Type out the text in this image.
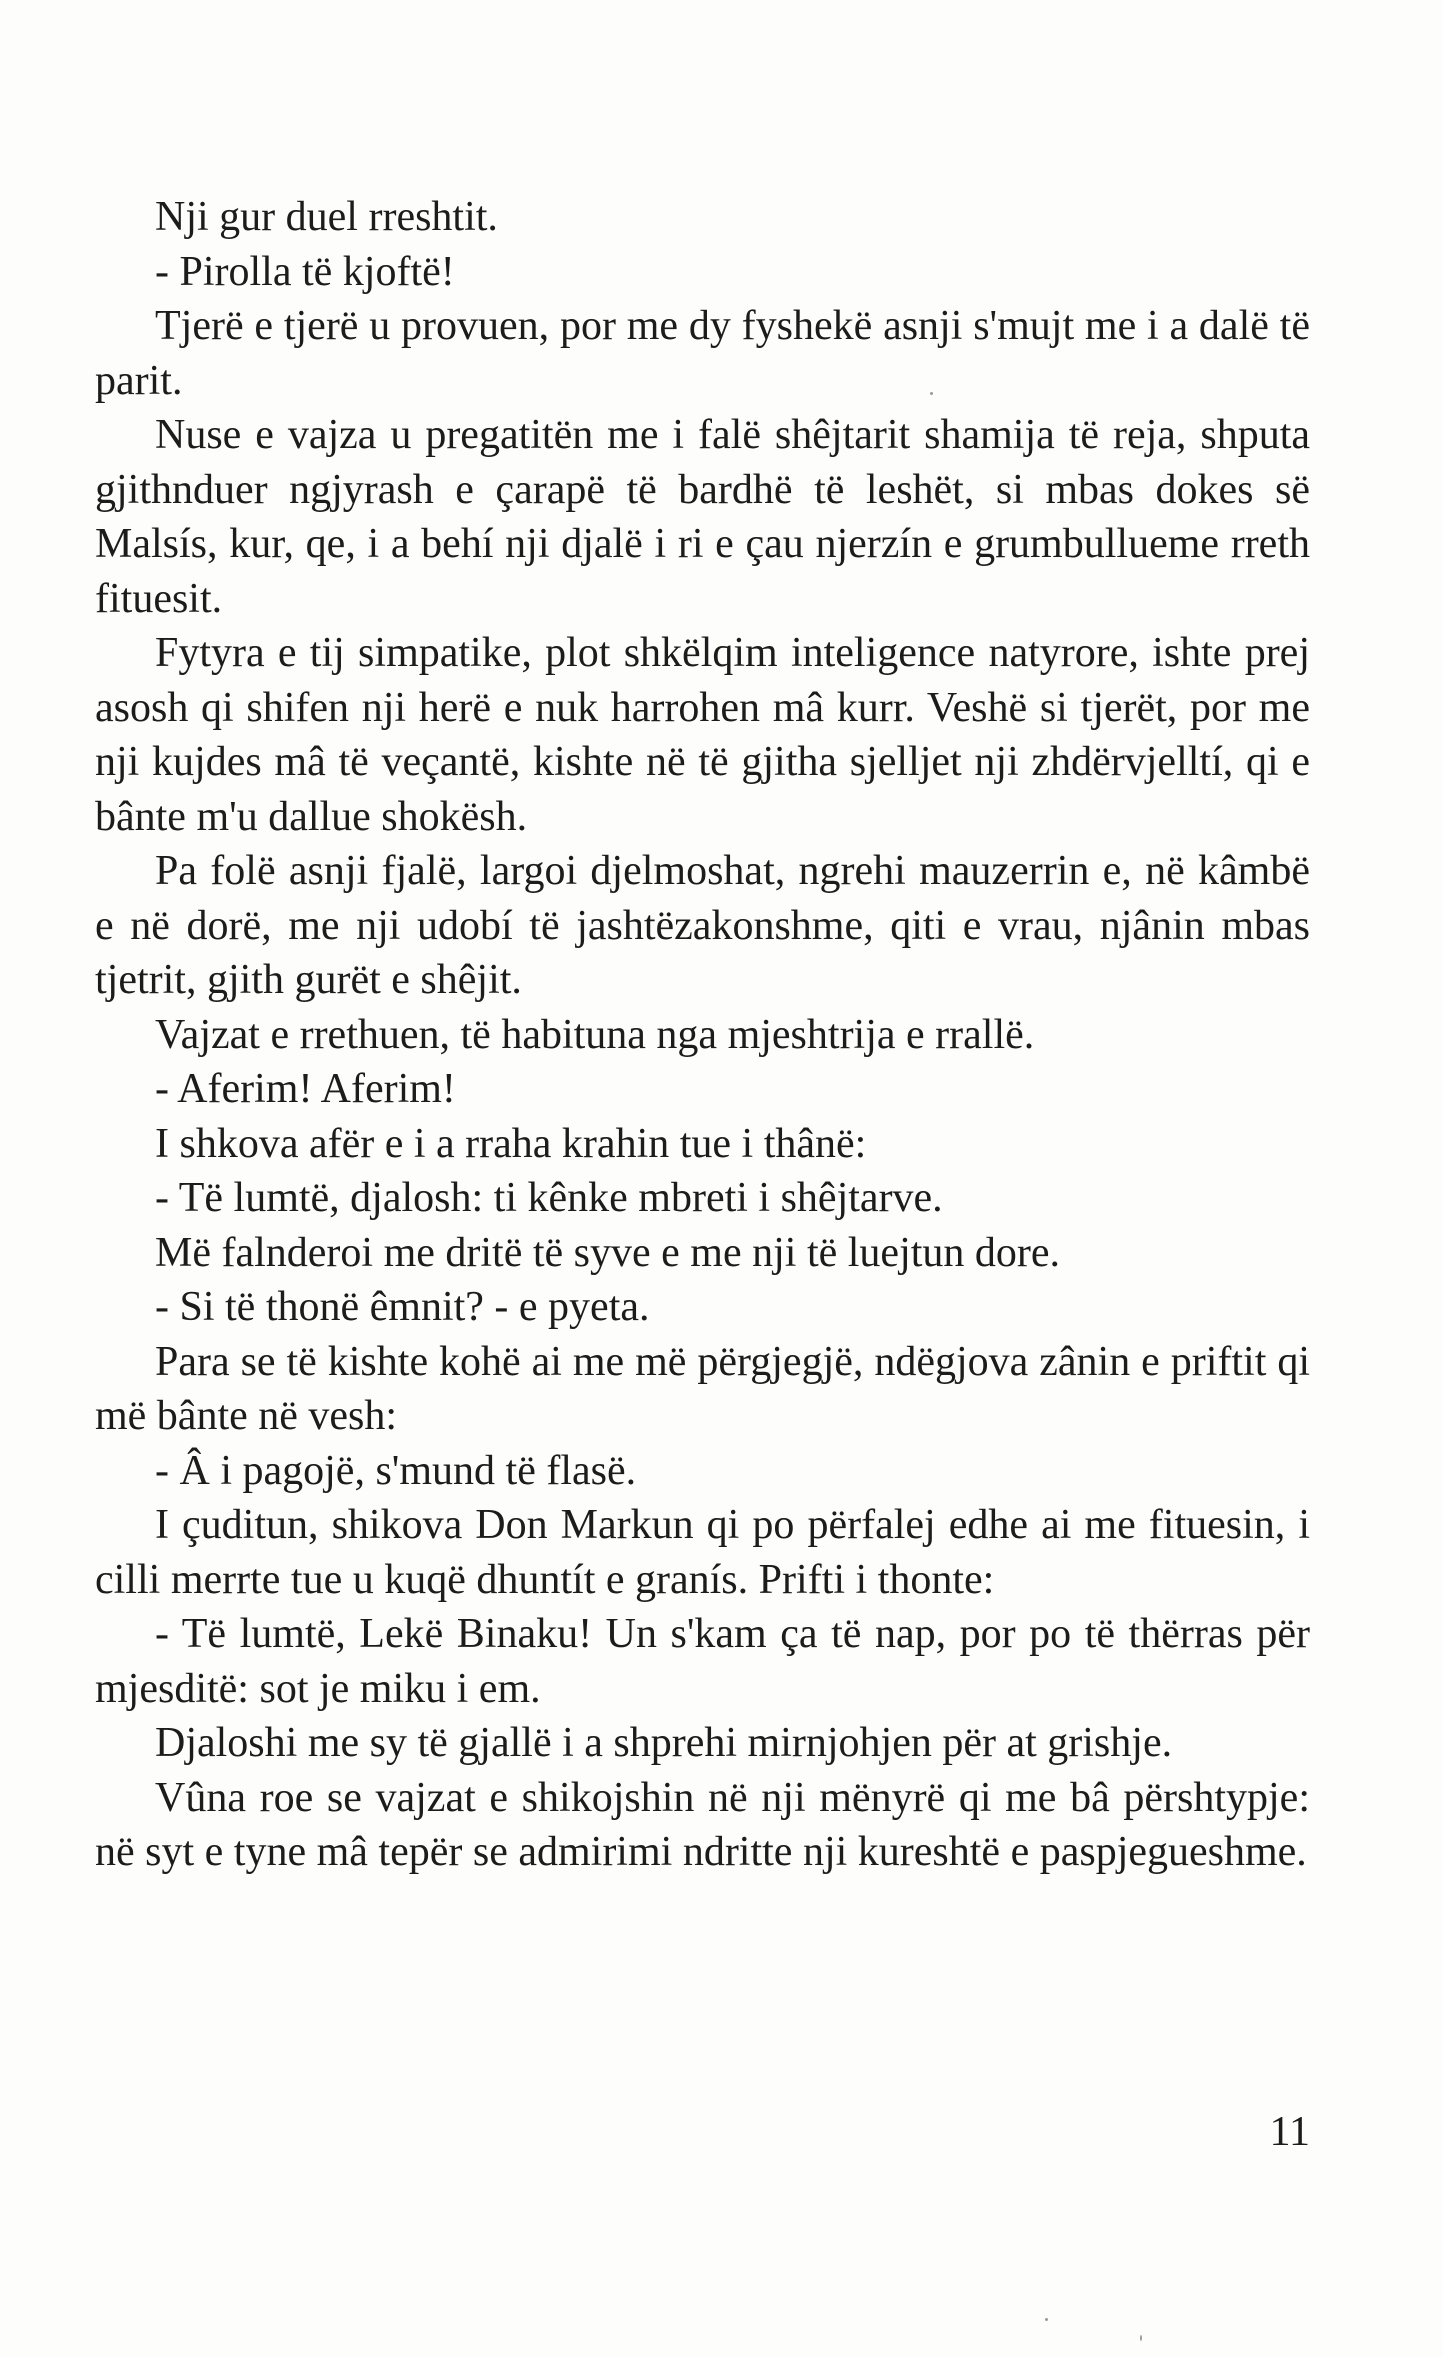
Nji gur duel rreshtit.

- Pirolla të kjoftë!

Tjerë e tjerë u provuen, por me dy fyshekë asnji s'mujt me i a dalë të parit.

Nuse e vajza u pregatitën me i falë shêjtarit shamija të reja, shputa gjithnduer ngjyrash e çarapë të bardhë të leshët, si mbas dokes së Malsís, kur, qe, i a behí nji djalë i ri e çau njerzín e grumbullueme rreth fituesit.

Fytyra e tij simpatike, plot shkëlqim inteligence natyrore, ishte prej asosh qi shifen nji herë e nuk harrohen mâ kurr. Veshë si tjerët, por me nji kujdes mâ të veçantë, kishte në të gjitha sjelljet nji zhdërvjelltí, qi e bânte m'u dallue shokësh.

Pa folë asnji fjalë, largoi djelmoshat, ngrehi mauzerrin e, në kâmbë e në dorë, me nji udobí të jashtëzakonshme, qiti e vrau, njânin mbas tjetrit, gjith gurët e shêjit.

Vajzat e rrethuen, të habituna nga mjeshtrija e rrallë.

- Aferim! Aferim!

I shkova afër e i a rraha krahin tue i thânë:

- Të lumtë, djalosh: ti kênke mbreti i shêjtarve.

Më falnderoi me dritë të syve e me nji të luejtun dore.

- Si të thonë êmnit? - e pyeta.

Para se të kishte kohë ai me më përgjegjë, ndëgjova zânin e priftit qi më bânte në vesh:

- Â i pagojë, s'mund të flasë.

I çuditun, shikova Don Markun qi po përfalej edhe ai me fituesin, i cilli merrte tue u kuqë dhuntít e granís. Prifti i thonte:

- Të lumtë, Lekë Binaku! Un s'kam ça të nap, por po të thërras për mjesditë: sot je miku i em.

Djaloshi me sy të gjallë i a shprehi mirnjohjen për at grishje.

Vûna roe se vajzat e shikojshin në nji mënyrë qi me bâ përshtypje: në syt e tyne mâ tepër se admirimi ndritte nji kureshtë e paspjegueshme.

11
